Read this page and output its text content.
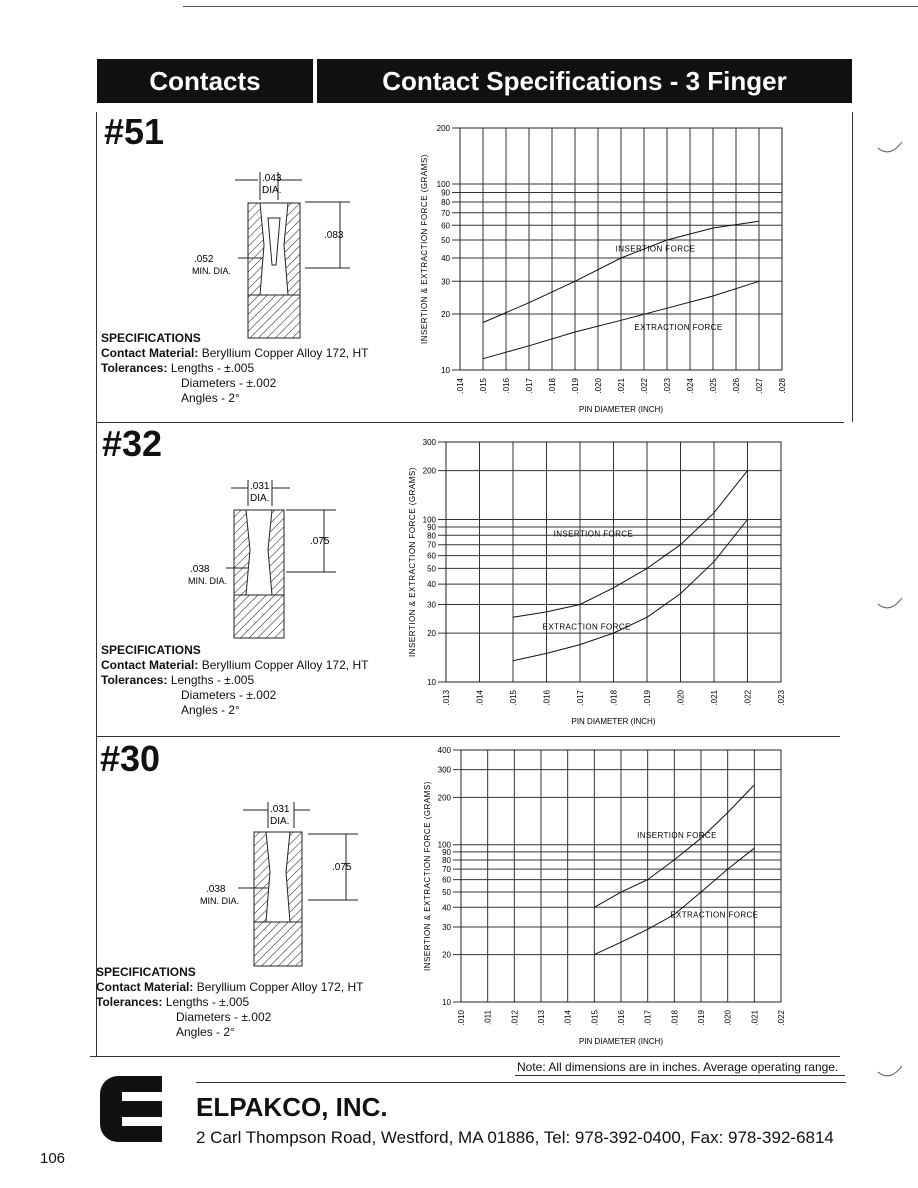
Contacts	Contact Specifications - 3 Finger
#51
#32
#30
.043
DIA.
.083
.052
MIN. DIA.
.031
DIA.
.075
.038
MIN. DIA.
.031
DIA.
.075
.038
MIN. DIA.
SPECIFICATIONS
Contact Material: Beryllium Copper Alloy 172, HT
Tolerances: Lengths - ±.005
Diameters - ±.002
Angles - 2°
SPECIFICATIONS
Contact Material: Beryllium Copper Alloy 172, HT
Tolerances: Lengths - ±.005
Diameters - ±.002
Angles - 2°
SPECIFICATIONS
Contact Material: Beryllium Copper Alloy 172, HT
Tolerances: Lengths - ±.005
Diameters - ±.002
Angles - 2°
.014 .015 .016 .017 .018 .019 .020 .021 .022 .023 .024 .025 .026 .027 .028
10
20
30
40
50
60
70
80
90
100
200
INSERTION & EXTRACTION FORCE (GRAMS)
PIN DIAMETER (INCH)
INSERTION FORCE
EXTRACTION FORCE
.013	.014	.015	.016	.017	.018	.019	.020	.021	.022	.023
10
20
30
40
50
60
70
80
90
100
200
300
INSERTION & EXTRACTION FORCE (GRAMS)
PIN DIAMETER (INCH)
INSERTION FORCE
EXTRACTION FORCE
.010 .011 .012 .013 .014 .015 .016 .017 .018 .019 .020 .021 .022
10
20
30
40
50
60
70
80
90
100
200
300
400
INSERTION & EXTRACTION FORCE (GRAMS)
PIN DIAMETER (INCH)
INSERTION FORCE
EXTRACTION FORCE
Note: All dimensions are in inches. Average operating range.
ELPAKCO, INC.
2 Carl Thompson Road, Westford, MA 01886, Tel: 978-392-0400, Fax: 978-392-6814
106
